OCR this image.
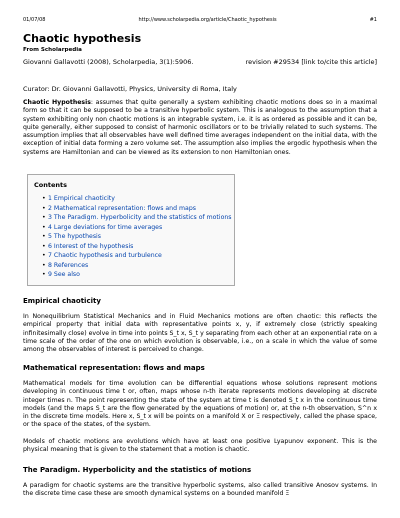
01/07/08	http://www.scholarpedia.org/article/Chaotic_hypothesis	#1
Chaotic hypothesis
From Scholarpedia
Giovanni Gallavotti (2008), Scholarpedia, 3(1):5906.	revision #29534 [link to/cite this article]
Curator: Dr. Giovanni Gallavotti, Physics, University di Roma, Italy
Chaotic Hypothesis: assumes that quite generally a system exhibiting chaotic motions does so in a maximal form so that it can be supposed to be a transitive hyperbolic system. This is analogous to the assumption that a system exhibiting only non chaotic motions is an integrable system, i.e. it is as ordered as possible and it can be, quite generally, either supposed to consist of harmonic oscillators or to be trivially related to such systems. The assumption implies that all observables have well defined time averages independent on the initial data, with the exception of initial data forming a zero volume set. The assumption also implies the ergodic hypothesis when the systems are Hamiltonian and can be viewed as its extension to non Hamiltonian ones.
Contents
• 1 Empirical chaoticity
• 2 Mathematical representation: flows and maps
• 3 The Paradigm. Hyperbolicity and the statistics of motions
• 4 Large deviations for time averages
• 5 The hypothesis
• 6 Interest of the hypothesis
• 7 Chaotic hypothesis and turbulence
• 8 References
• 9 See also
Empirical chaoticity
In Nonequilibrium Statistical Mechanics and in Fluid Mechanics motions are often chaotic: this reflects the empirical property that initial data with representative points x, y, if extremely close (strictly speaking infinitesimally close) evolve in time into points S_t x, S_t y separating from each other at an exponential rate on a time scale of the order of the one on which evolution is observable, i.e., on a scale in which the value of some among the observables of interest is perceived to change.
Mathematical representation: flows and maps
Mathematical models for time evolution can be differential equations whose solutions represent motions developing in continuous time t or, often, maps whose n-th iterate represents motions developing at discrete integer times n. The point representing the state of the system at time t is denoted S_t x in the continuous time models (and the maps S_t are the flow generated by the equations of motion) or, at the n-th observation, S^n x in the discrete time models. Here x, S_t x will be points on a manifold X or Ξ respectively, called the phase space, or the space of the states, of the system.
Models of chaotic motions are evolutions which have at least one positive Lyapunov exponent. This is the physical meaning that is given to the statement that a motion is chaotic.
The Paradigm. Hyperbolicity and the statistics of motions
A paradigm for chaotic systems are the transitive hyperbolic systems, also called transitive Anosov systems. In the discrete time case these are smooth dynamical systems on a bounded manifold Ξ
